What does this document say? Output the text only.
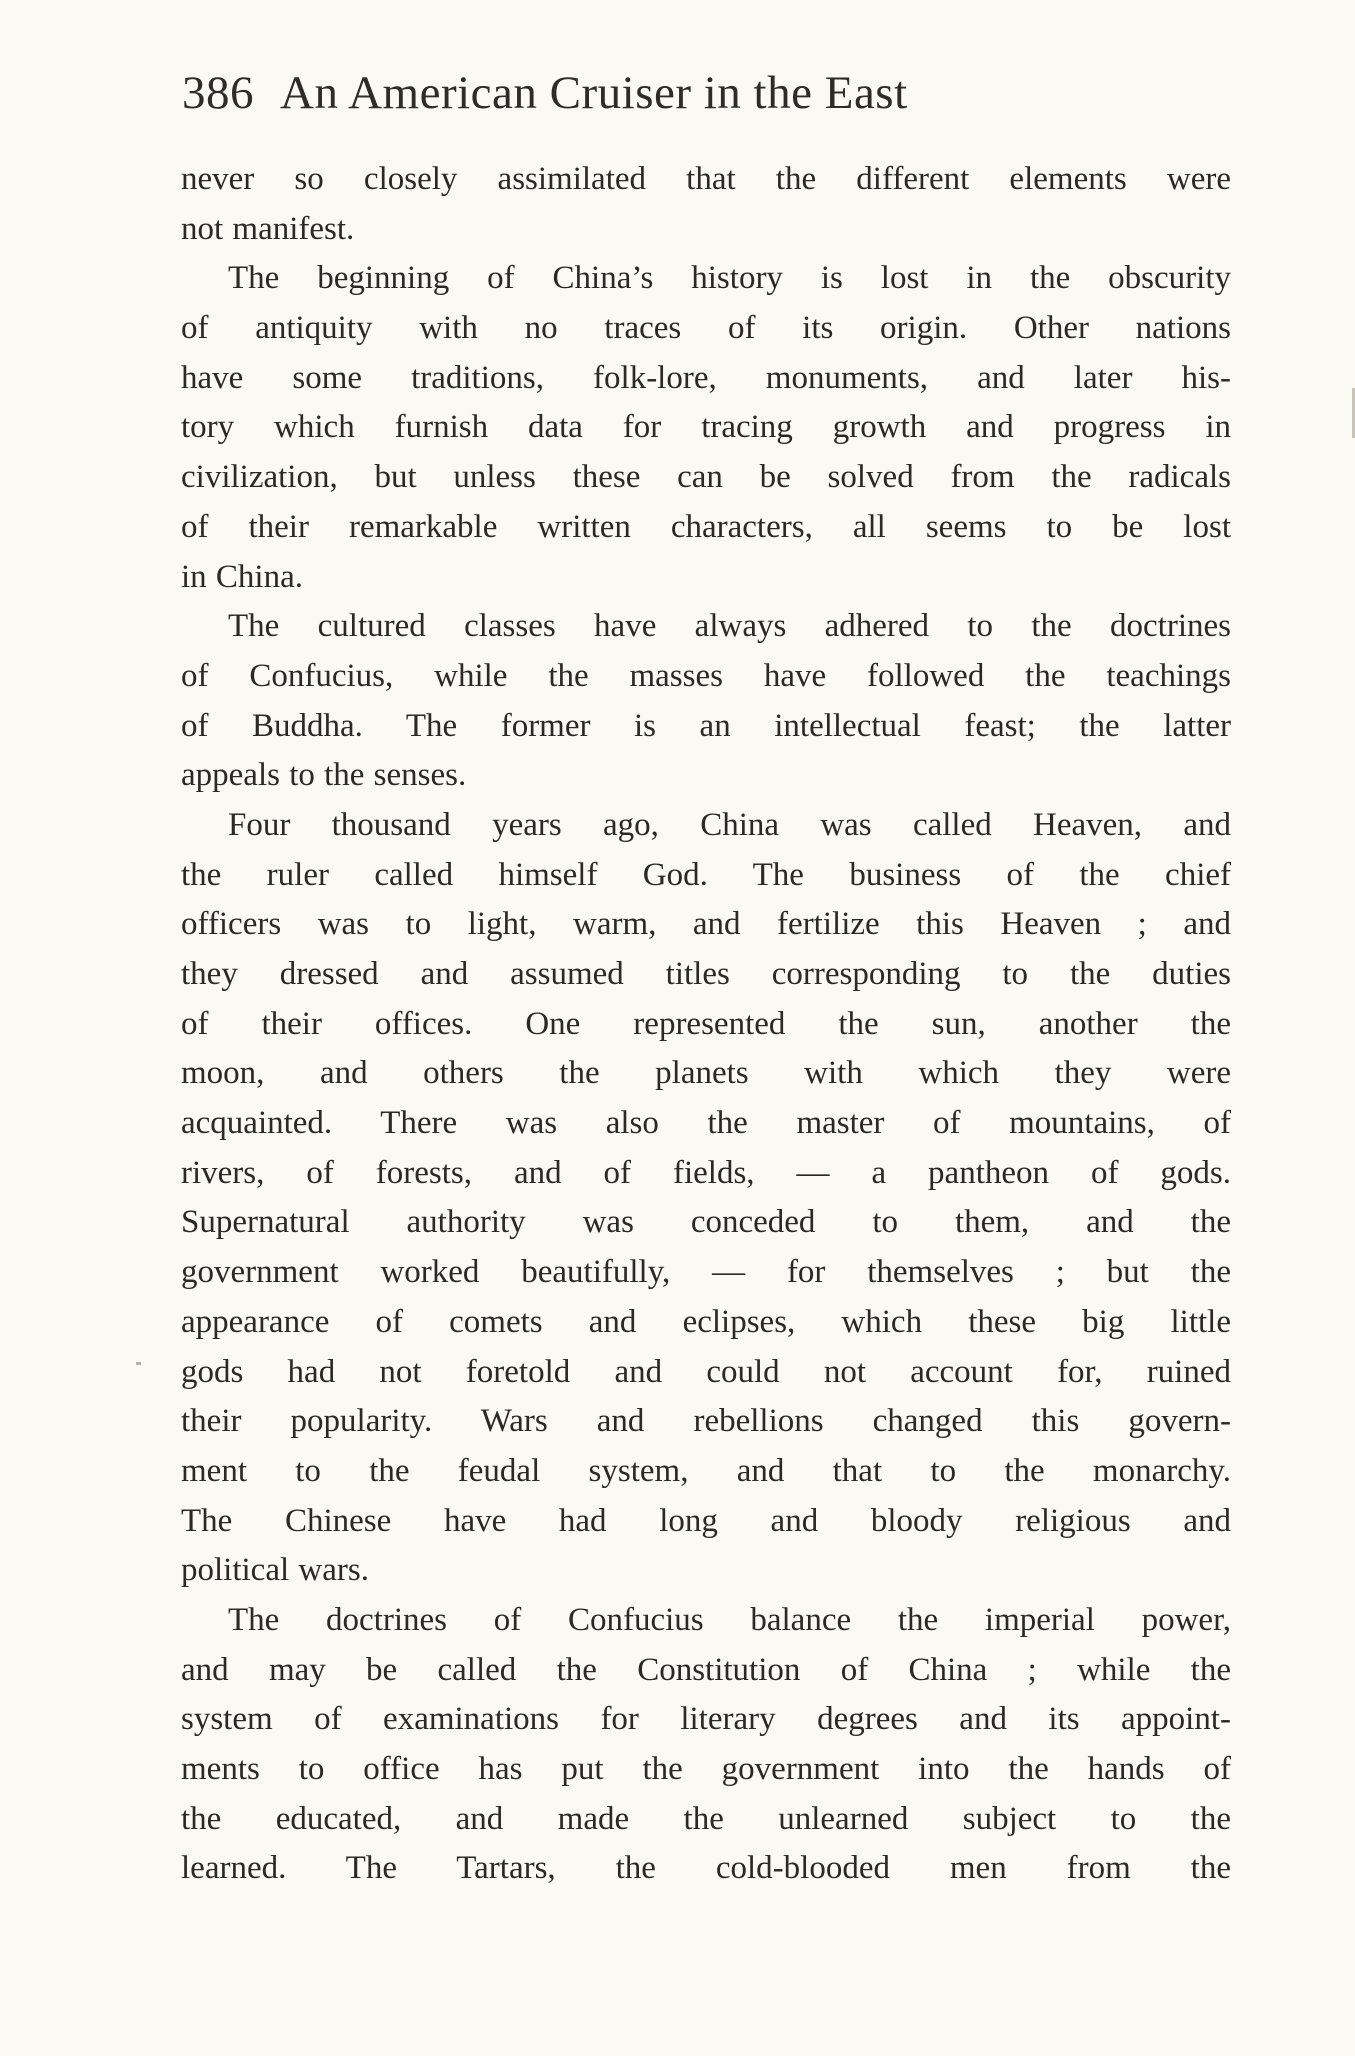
386 An American Cruiser in the East
never so closely assimilated that the different elements were
not manifest.
The beginning of China’s history is lost in the obscurity
of antiquity with no traces of its origin. Other nations
have some traditions, folk-lore, monuments, and later his-
tory which furnish data for tracing growth and progress in
civilization, but unless these can be solved from the radicals
of their remarkable written characters, all seems to be lost
in China.
The cultured classes have always adhered to the doctrines
of Confucius, while the masses have followed the teachings
of Buddha. The former is an intellectual feast; the latter
appeals to the senses.
Four thousand years ago, China was called Heaven, and
the ruler called himself God. The business of the chief
officers was to light, warm, and fertilize this Heaven ; and
they dressed and assumed titles corresponding to the duties
of their offices. One represented the sun, another the
moon, and others the planets with which they were
acquainted. There was also the master of mountains, of
rivers, of forests, and of fields, — a pantheon of gods.
Supernatural authority was conceded to them, and the
government worked beautifully, — for themselves ; but the
appearance of comets and eclipses, which these big little
gods had not foretold and could not account for, ruined
their popularity. Wars and rebellions changed this govern-
ment to the feudal system, and that to the monarchy.
The Chinese have had long and bloody religious and
political wars.
The doctrines of Confucius balance the imperial power,
and may be called the Constitution of China ; while the
system of examinations for literary degrees and its appoint-
ments to office has put the government into the hands of
the educated, and made the unlearned subject to the
learned. The Tartars, the cold-blooded men from the
